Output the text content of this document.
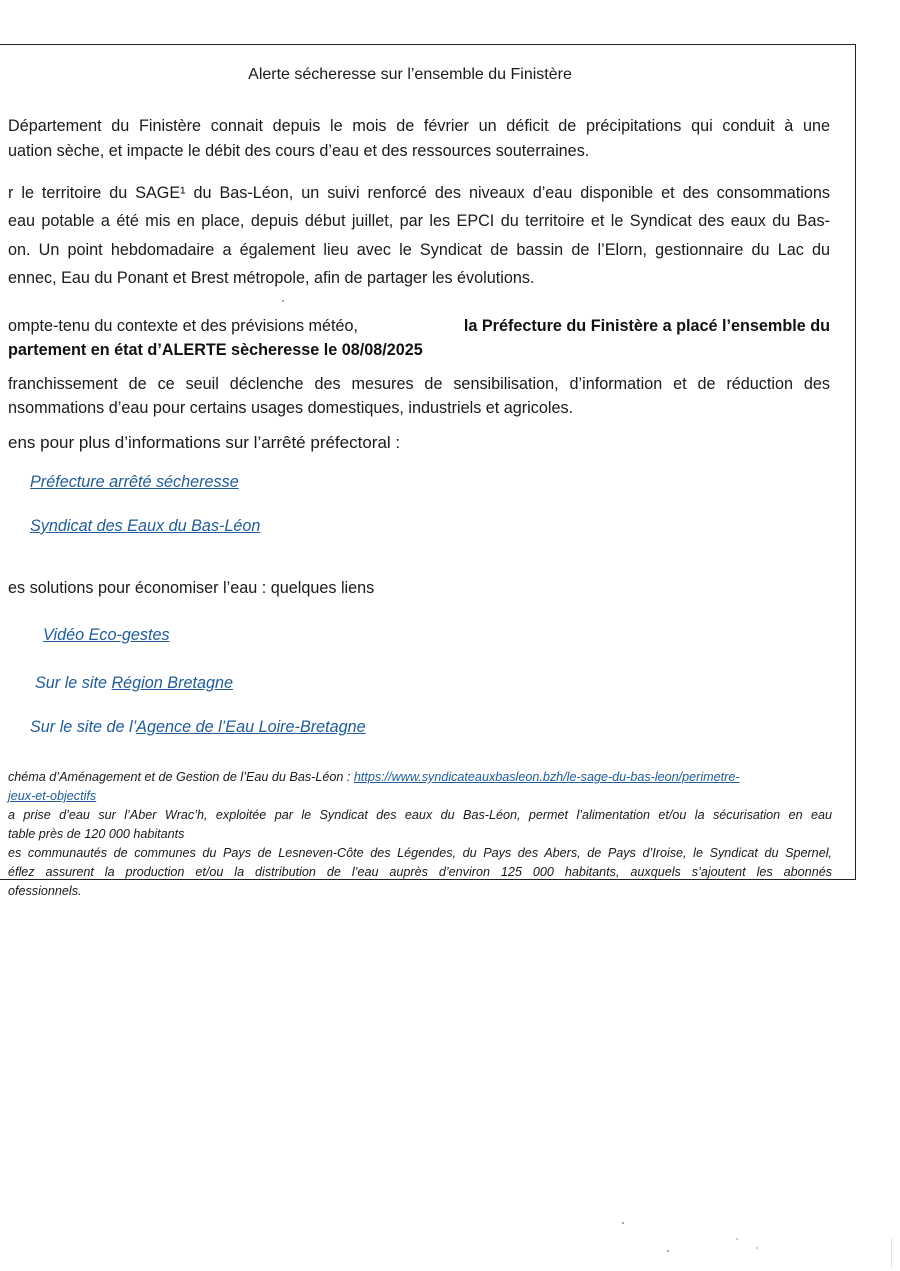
Alerte sécheresse sur l’ensemble du Finistère
Département du Finistère connait depuis le mois de février un déficit de précipitations qui conduit à une
uation sèche, et impacte le débit des cours d’eau et des ressources souterraines.
r le territoire du SAGE¹ du Bas-Léon, un suivi renforcé des niveaux d’eau disponible et des consommations
eau potable a été mis en place, depuis début juillet, par les EPCI du territoire et le Syndicat des eaux du Bas-
on. Un point hebdomadaire a également lieu avec le Syndicat de bassin de l’Elorn, gestionnaire du Lac du
ennec, Eau du Ponant et Brest métropole, afin de partager les évolutions.
ompte-tenu du contexte et des prévisions météo,	la Préfecture du Finistère a placé l’ensemble du
partement en état d’ALERTE sècheresse le 08/08/2025
franchissement de ce seuil déclenche des mesures de sensibilisation, d’information et de réduction des
nsommations d’eau pour certains usages domestiques, industriels et agricoles.
ens pour plus d’informations sur l’arrêté préfectoral :
Préfecture arrêté sécheresse
Syndicat des Eaux du Bas-Léon
es solutions pour économiser l’eau : quelques liens
Vidéo Eco-gestes
Sur le site Région Bretagne
Sur le site de l’Agence de l’Eau Loire-Bretagne
chéma d’Aménagement et de Gestion de l’Eau du Bas-Léon : https://www.syndicateauxbasleon.bzh/le-sage-du-bas-leon/perimetre-
jeux-et-objectifs
a prise d’eau sur l’Aber Wrac’h, exploitée par le Syndicat des eaux du Bas-Léon, permet l’alimentation et/ou la sécurisation en eau
table près de 120 000 habitants
es communautés de communes du Pays de Lesneven-Côte des Légendes, du Pays des Abers, de Pays d’Iroise, le Syndicat du Spernel,
éflez assurent la production et/ou la distribution de l’eau auprès d’environ 125 000 habitants, auxquels s’ajoutent les abonnés
ofessionnels.
